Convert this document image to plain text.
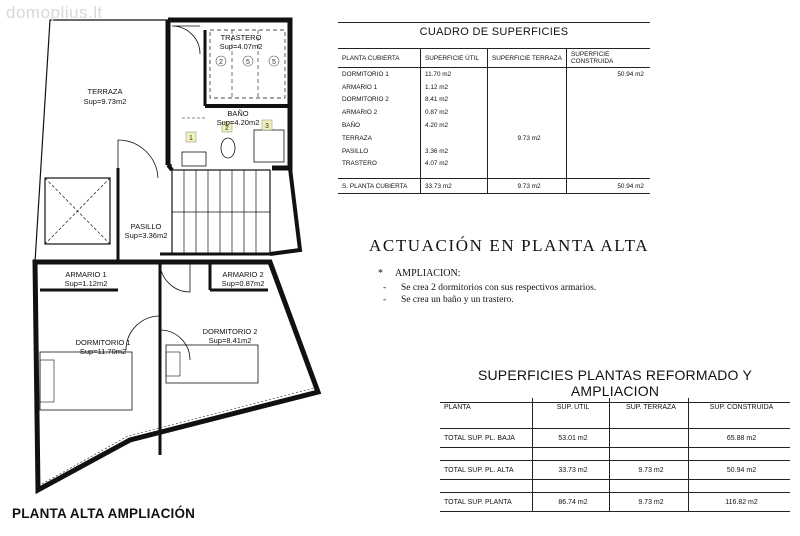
1
2	3
2	5	5
TERRAZA
Sup=9.73m2
TRASTERO
Sup=4.07m2
BAÑO
Sup=4.20m2
PASILLO
Sup=3.36m2
ARMARIO 1
Sup=1.12m2
ARMARIO 2
Sup=0.87m2
DORMITORIO 1
Sup=11.70m2
DORMITORIO 2
Sup=8.41m2
domoplius.lt
PLANTA ALTA AMPLIACIÓN
CUADRO DE SUPERFICIES
PLANTA CUBIERTA	SUPERFICIE ÚTIL	SUPERFICIE TERRAZA	SUPERFICIE CONSTRUIDA
DORMITORIO 1	11.70 m2		50.94 m2
ARMARIO 1	1.12 m2		
DORMITORIO 2	8.41 m2		
ARMARIO 2	0.87 m2		
BAÑO	4.20 m2		
TERRAZA		9.73 m2	
PASILLO	3.36 m2		
TRASTERO	4.07 m2		

S. PLANTA CUBIERTA	33.73 m2	9.73 m2	50.94 m2
ACTUACIÓN EN PLANTA ALTA
* AMPLIACION:
- Se crea 2 dormitorios con sus respectivos armarios.
- Se crea un baño y un trastero.
SUPERFICIES PLANTAS REFORMADO Y AMPLIACION
PLANTA	SUP. UTIL	SUP. TERRAZA	SUP. CONSTRUIDA

TOTAL SUP. PL. BAJA	53.01 m2		65.88 m2

TOTAL SUP. PL. ALTA	33.73 m2	9.73 m2	50.94 m2

TOTAL SUP. PLANTA	86.74 m2	9.73 m2	116.82 m2
